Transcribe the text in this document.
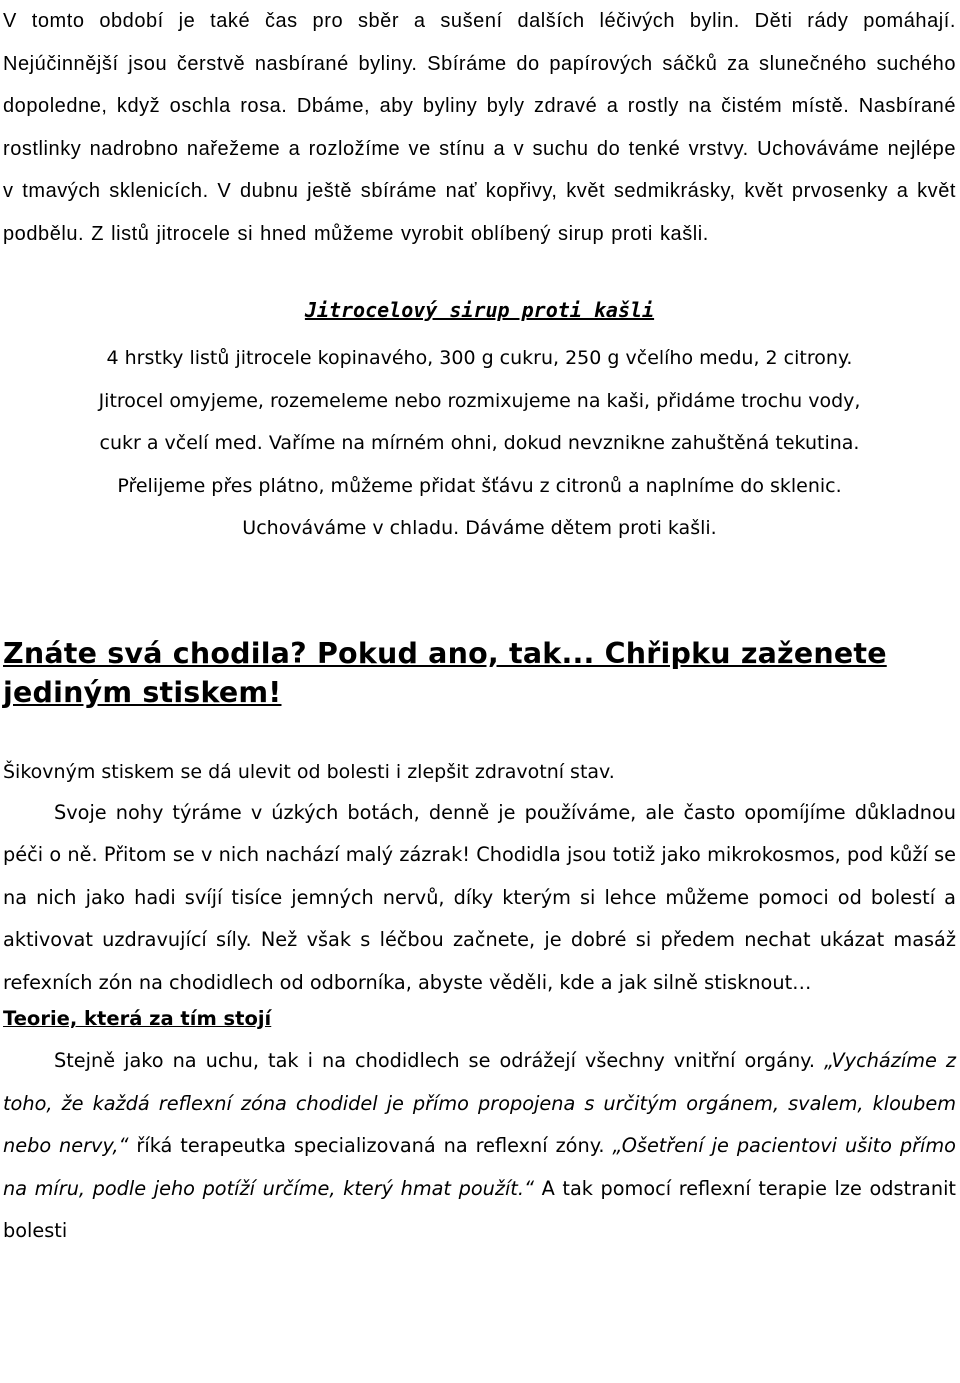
V tomto období je také čas pro sběr a sušení dalších léčivých bylin. Děti rády pomáhají. Nejúčinnější jsou čerstvě nasbírané byliny. Sbíráme do papírových sáčků za slunečného suchého dopoledne, když oschla rosa. Dbáme, aby byliny byly zdravé a rostly na čistém místě. Nasbírané rostlinky nadrobno nařežeme a rozložíme ve stínu a v suchu do tenké vrstvy. Uchováváme nejlépe v tmavých sklenicích. V dubnu ještě sbíráme nať kopřivy, květ sedmikrásky, květ prvosenky a květ podbělu. Z listů jitrocele si hned můžeme vyrobit oblíbený sirup proti kašli.

Jitrocelový sirup proti kašli

4 hrstky listů jitrocele kopinavého, 300 g cukru, 250 g včelího medu, 2 citrony.
Jitrocel omyjeme, rozemeleme nebo rozmixujeme na kaši, přidáme trochu vody,
cukr a včelí med. Vaříme na mírném ohni, dokud nevznikne zahuštěná tekutina.
Přelijeme přes plátno, můžeme přidat šťávu z citronů a naplníme do sklenic.
Uchováváme v chladu. Dáváme dětem proti kašli.

Znáte svá chodila? Pokud ano, tak... Chřipku zaženete jediným stiskem!

Šikovným stiskem se dá ulevit od bolesti i zlepšit zdravotní stav.

Svoje nohy týráme v úzkých botách, denně je používáme, ale často opomíjíme důkladnou péči o ně. Přitom se v nich nachází malý zázrak! Chodidla jsou totiž jako mikrokosmos, pod kůží se na nich jako hadi svíjí tisíce jemných nervů, díky kterým si lehce můžeme pomoci od bolestí a aktivovat uzdravující síly. Než však s léčbou začnete, je dobré si předem nechat ukázat masáž refexních zón na chodidlech od odborníka, abyste věděli, kde a jak silně stisknout…

Teorie, která za tím stojí

Stejně jako na uchu, tak i na chodidlech se odrážejí všechny vnitřní orgány. „Vycházíme z toho, že každá reflexní zóna chodidel je přímo propojena s určitým orgánem, svalem, kloubem nebo nervy,“ říká terapeutka specializovaná na reflexní zóny. „Ošetření je pacientovi ušito přímo na míru, podle jeho potíží určíme, který hmat použít.“ A tak pomocí reflexní terapie lze odstranit bolesti
